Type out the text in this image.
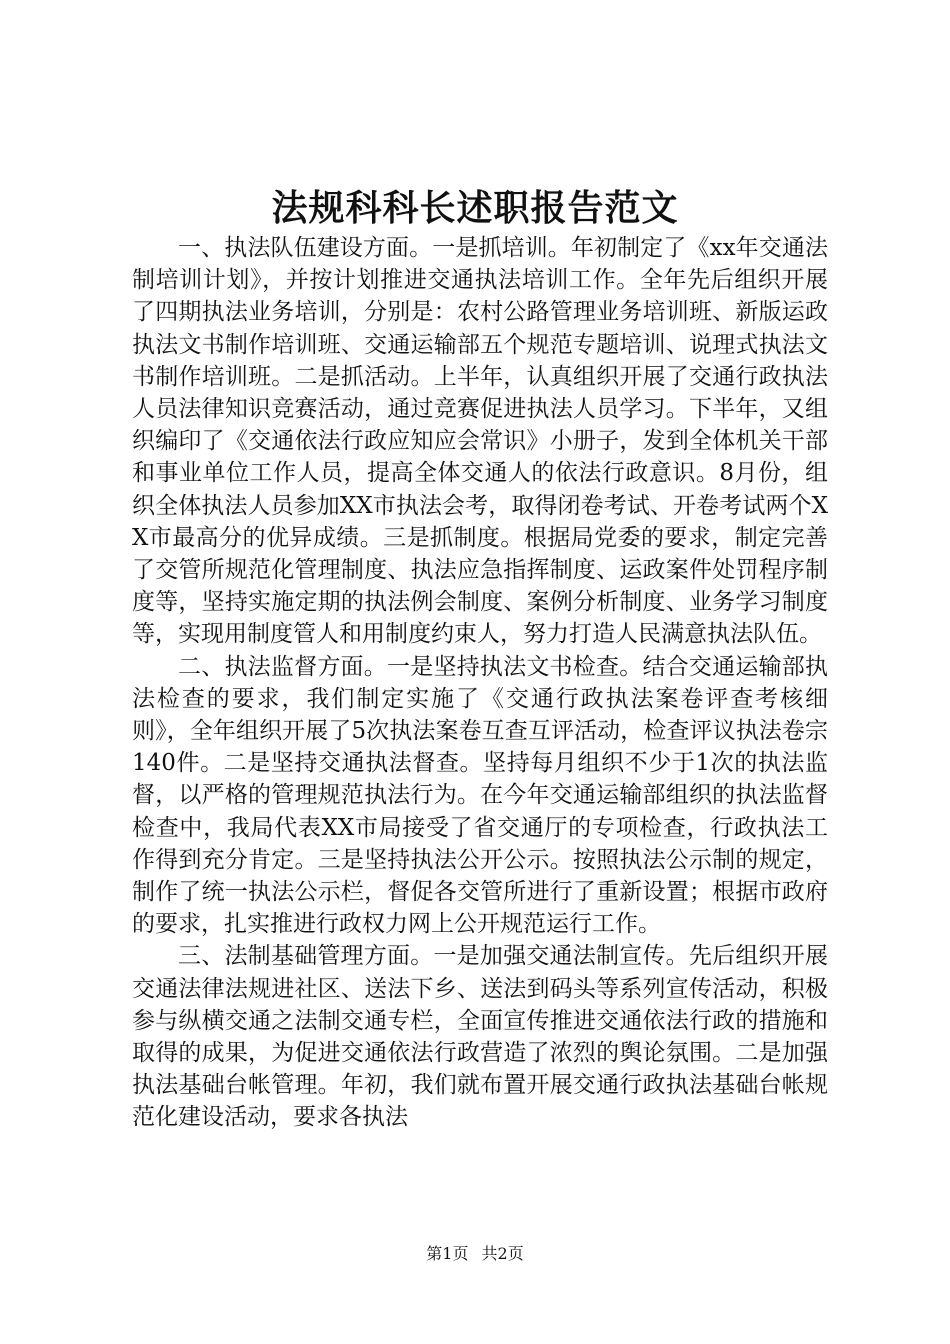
法规科科长述职报告范文

一、执法队伍建设方面。一是抓培训。年初制定了《xx年交通法制培训计划》，并按计划推进交通执法培训工作。全年先后组织开展了四期执法业务培训，分别是：农村公路管理业务培训班、新版运政执法文书制作培训班、交通运输部五个规范专题培训、说理式执法文书制作培训班。二是抓活动。上半年，认真组织开展了交通行政执法人员法律知识竞赛活动，通过竞赛促进执法人员学习。下半年，又组织编印了《交通依法行政应知应会常识》小册子，发到全体机关干部和事业单位工作人员，提高全体交通人的依法行政意识。8月份，组织全体执法人员参加XX市执法会考，取得闭卷考试、开卷考试两个XX市最高分的优异成绩。三是抓制度。根据局党委的要求，制定完善了交管所规范化管理制度、执法应急指挥制度、运政案件处罚程序制度等，坚持实施定期的执法例会制度、案例分析制度、业务学习制度等，实现用制度管人和用制度约束人，努力打造人民满意执法队伍。

二、执法监督方面。一是坚持执法文书检查。结合交通运输部执法检查的要求，我们制定实施了《交通行政执法案卷评查考核细则》，全年组织开展了5次执法案卷互查互评活动，检查评议执法卷宗140件。二是坚持交通执法督查。坚持每月组织不少于1次的执法监督，以严格的管理规范执法行为。在今年交通运输部组织的执法监督检查中，我局代表XX市局接受了省交通厅的专项检查，行政执法工作得到充分肯定。三是坚持执法公开公示。按照执法公示制的规定，制作了统一执法公示栏，督促各交管所进行了重新设置；根据市政府的要求，扎实推进行政权力网上公开规范运行工作。

三、法制基础管理方面。一是加强交通法制宣传。先后组织开展交通法律法规进社区、送法下乡、送法到码头等系列宣传活动，积极参与纵横交通之法制交通专栏，全面宣传推进交通依法行政的措施和取得的成果，为促进交通依法行政营造了浓烈的舆论氛围。二是加强执法基础台帐管理。年初，我们就布置开展交通行政执法基础台帐规范化建设活动，要求各执法

第1页 共2页
